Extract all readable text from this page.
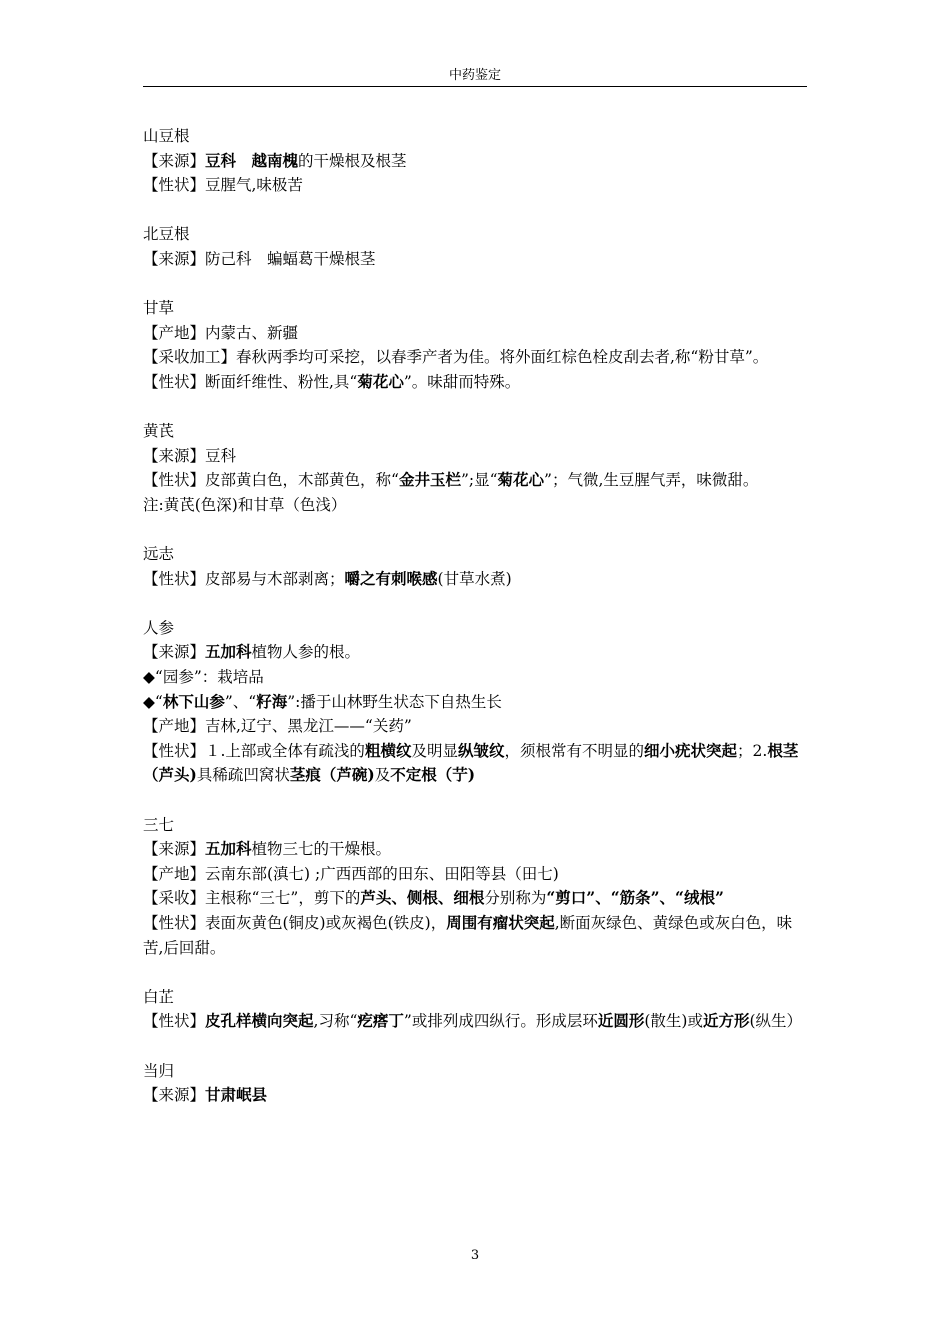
中药鉴定

山豆根

【来源】豆科　越南槐的干燥根及根茎

【性状】豆腥气,味极苦

北豆根

【来源】防己科　蝙蝠葛干燥根茎

甘草

【产地】内蒙古、新疆

【采收加工】春秋两季均可采挖，以春季产者为佳。将外面红棕色栓皮刮去者,称“粉甘草”。

【性状】断面纤维性、粉性,具“菊花心”。味甜而特殊。

黄芪

【来源】豆科

【性状】皮部黄白色，木部黄色，称“金井玉栏”;显“菊花心”；气微,生豆腥气弄，味微甜。

注:黄芪(色深)和甘草（色浅）

远志

【性状】皮部易与木部剥离；嚼之有刺喉感(甘草水煮)

人参

【来源】五加科植物人参的根。

◆“园参”：栽培品

◆“林下山参”、“籽海”:播于山林野生状态下自热生长

【产地】吉林,辽宁、黑龙江——“关药”

【性状】１.上部或全体有疏浅的粗横纹及明显纵皱纹，须根常有不明显的细小疣状突起；2.根茎（芦头)具稀疏凹窝状茎痕（芦碗)及不定根（艼)

三七

【来源】五加科植物三七的干燥根。

【产地】云南东部(滇七) ;广西西部的田东、田阳等县（田七)

【采收】主根称“三七”，剪下的芦头、侧根、细根分别称为“剪口”、“筋条”、“绒根”

【性状】表面灰黄色(铜皮)或灰褐色(铁皮)，周围有瘤状突起,断面灰绿色、黄绿色或灰白色，味苦,后回甜。

白芷

【性状】皮孔样横向突起,习称“疙瘩丁”或排列成四纵行。形成层环近圆形(散生)或近方形(纵生）

当归

【来源】甘肃岷县

3
